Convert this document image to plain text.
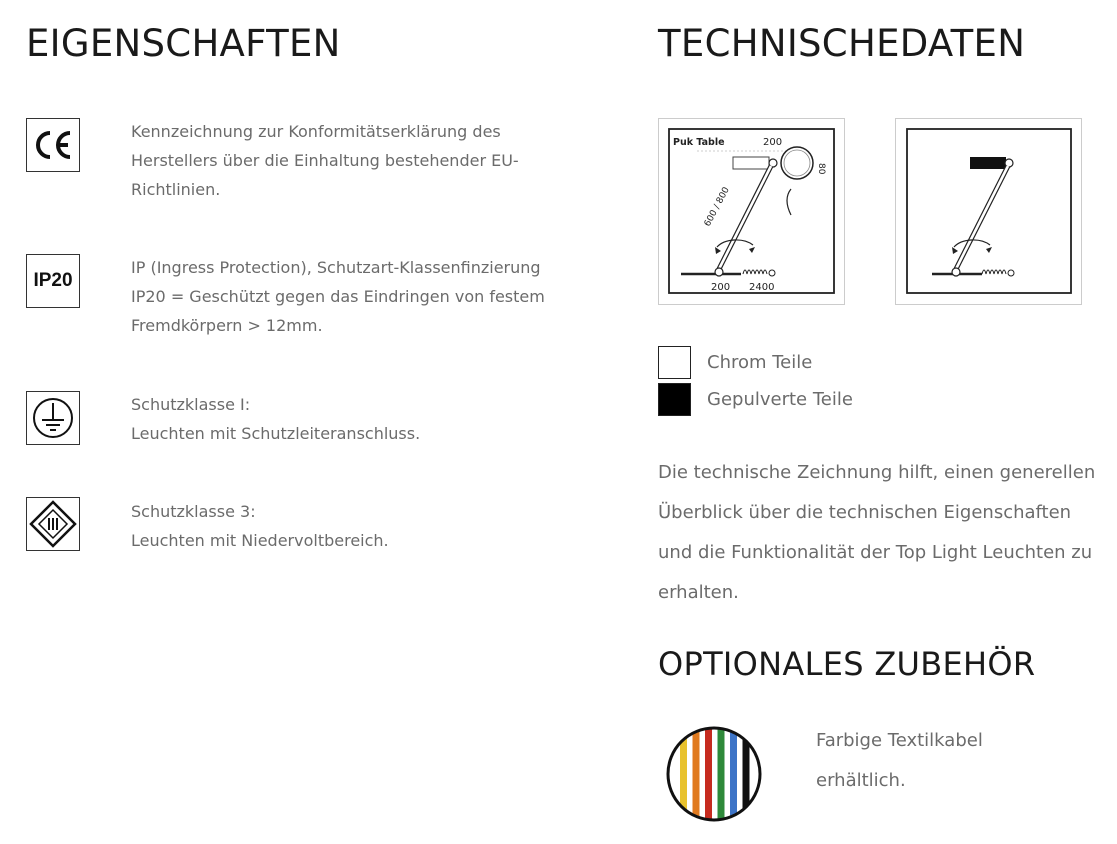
EIGENSCHAFTEN
Kennzeichnung zur Konformitätserklärung des
Herstellers über die Einhaltung bestehender EU-
Richtlinien.
IP20
IP (Ingress Protection), Schutzart-Klassenfinzierung
IP20 = Geschützt gegen das Eindringen von festem
Fremdkörpern > 12mm.
Schutzklasse I:
Leuchten mit Schutzleiteranschluss.
Schutzklasse 3:
Leuchten mit Niedervoltbereich.
TECHNISCHEDATEN
Puk Table	200
80
600 / 800
200 2400
Chrom Teile
Gepulverte Teile

Die technische Zeichnung hilft, einen generellen Überblick über die technischen Eigenschaften und die Funktionalität der Top Light Leuchten zu erhalten.

OPTIONALES ZUBEHÖR

Farbige Textilkabel erhältlich.
